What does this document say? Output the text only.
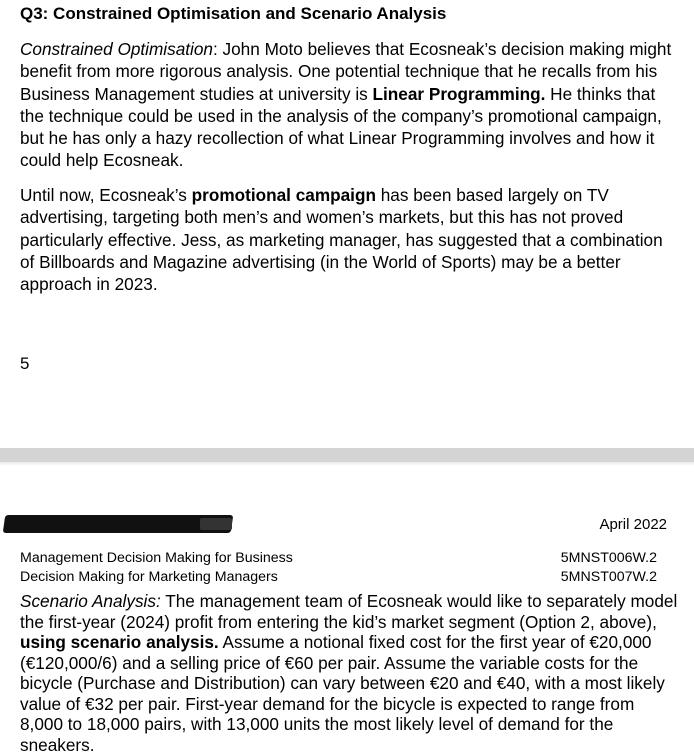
Q3: Constrained Optimisation and Scenario Analysis
Constrained Optimisation: John Moto believes that Ecosneak’s decision making might benefit from more rigorous analysis. One potential technique that he recalls from his Business Management studies at university is Linear Programming. He thinks that the technique could be used in the analysis of the company’s promotional campaign, but he has only a hazy recollection of what Linear Programming involves and how it could help Ecosneak.
Until now, Ecosneak’s promotional campaign has been based largely on TV advertising, targeting both men’s and women’s markets, but this has not proved particularly effective. Jess, as marketing manager, has suggested that a combination of Billboards and Magazine advertising (in the World of Sports) may be a better approach in 2023.
5
April 2022
Management Decision Making for Business	5MNST006W.2
Decision Making for Marketing Managers	5MNST007W.2
Scenario Analysis: The management team of Ecosneak would like to separately model the first-year (2024) profit from entering the kid’s market segment (Option 2, above), using scenario analysis. Assume a notional fixed cost for the first year of €20,000 (€120,000/6) and a selling price of €60 per pair. Assume the variable costs for the bicycle (Purchase and Distribution) can vary between €20 and €40, with a most likely value of €32 per pair. First-year demand for the bicycle is expected to range from 8,000 to 18,000 pairs, with 13,000 units the most likely level of demand for the sneakers.
